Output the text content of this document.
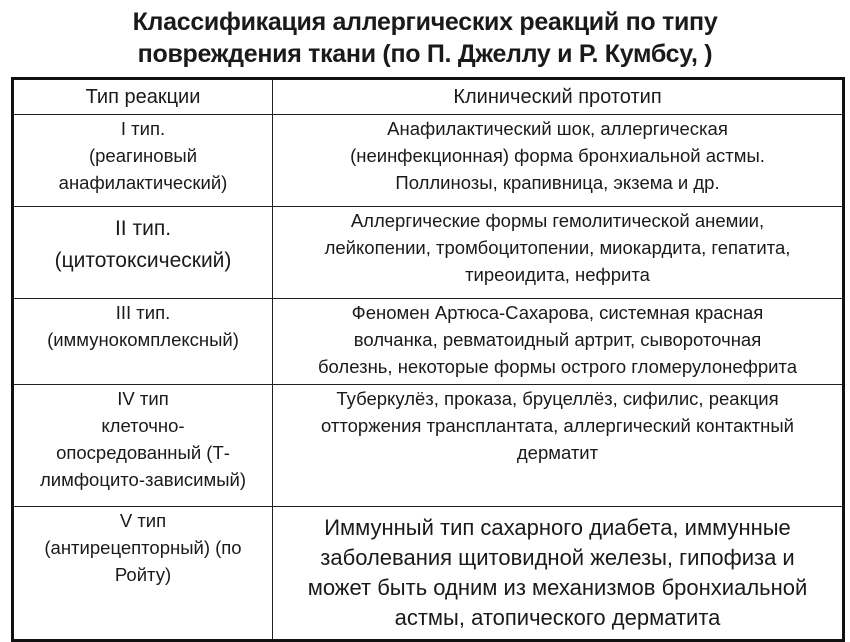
Классификация аллергических реакций по типу
повреждения ткани (по П. Джеллу и Р. Кумбсу, )
Тип реакции	Клинический прототип

I тип.
(реагиновый
анафилактический)	Анафилактический шок, аллергическая
(неинфекционная) форма бронхиальной астмы.
Поллинозы, крапивница, экзема и др.

II тип.
(цитотоксический)	Аллергические формы гемолитической анемии,
лейкопении, тромбоцитопении, миокардита, гепатита,
тиреоидита, нефрита

III тип.
(иммунокомплексный)	Феномен Артюса-Сахарова, системная красная
волчанка, ревматоидный артрит, сывороточная
болезнь, некоторые формы острого гломерулонефрита

IV тип
клеточно-
опосредованный (Т-
лимфоцито-зависимый)	Туберкулёз, проказа, бруцеллёз, сифилис, реакция
отторжения трансплантата, аллергический контактный
дерматит

V тип
(антирецепторный) (по
Ройту)	Иммунный тип сахарного диабета, иммунные
заболевания щитовидной железы, гипофиза и
может быть одним из механизмов бронхиальной
астмы, атопического дерматита
